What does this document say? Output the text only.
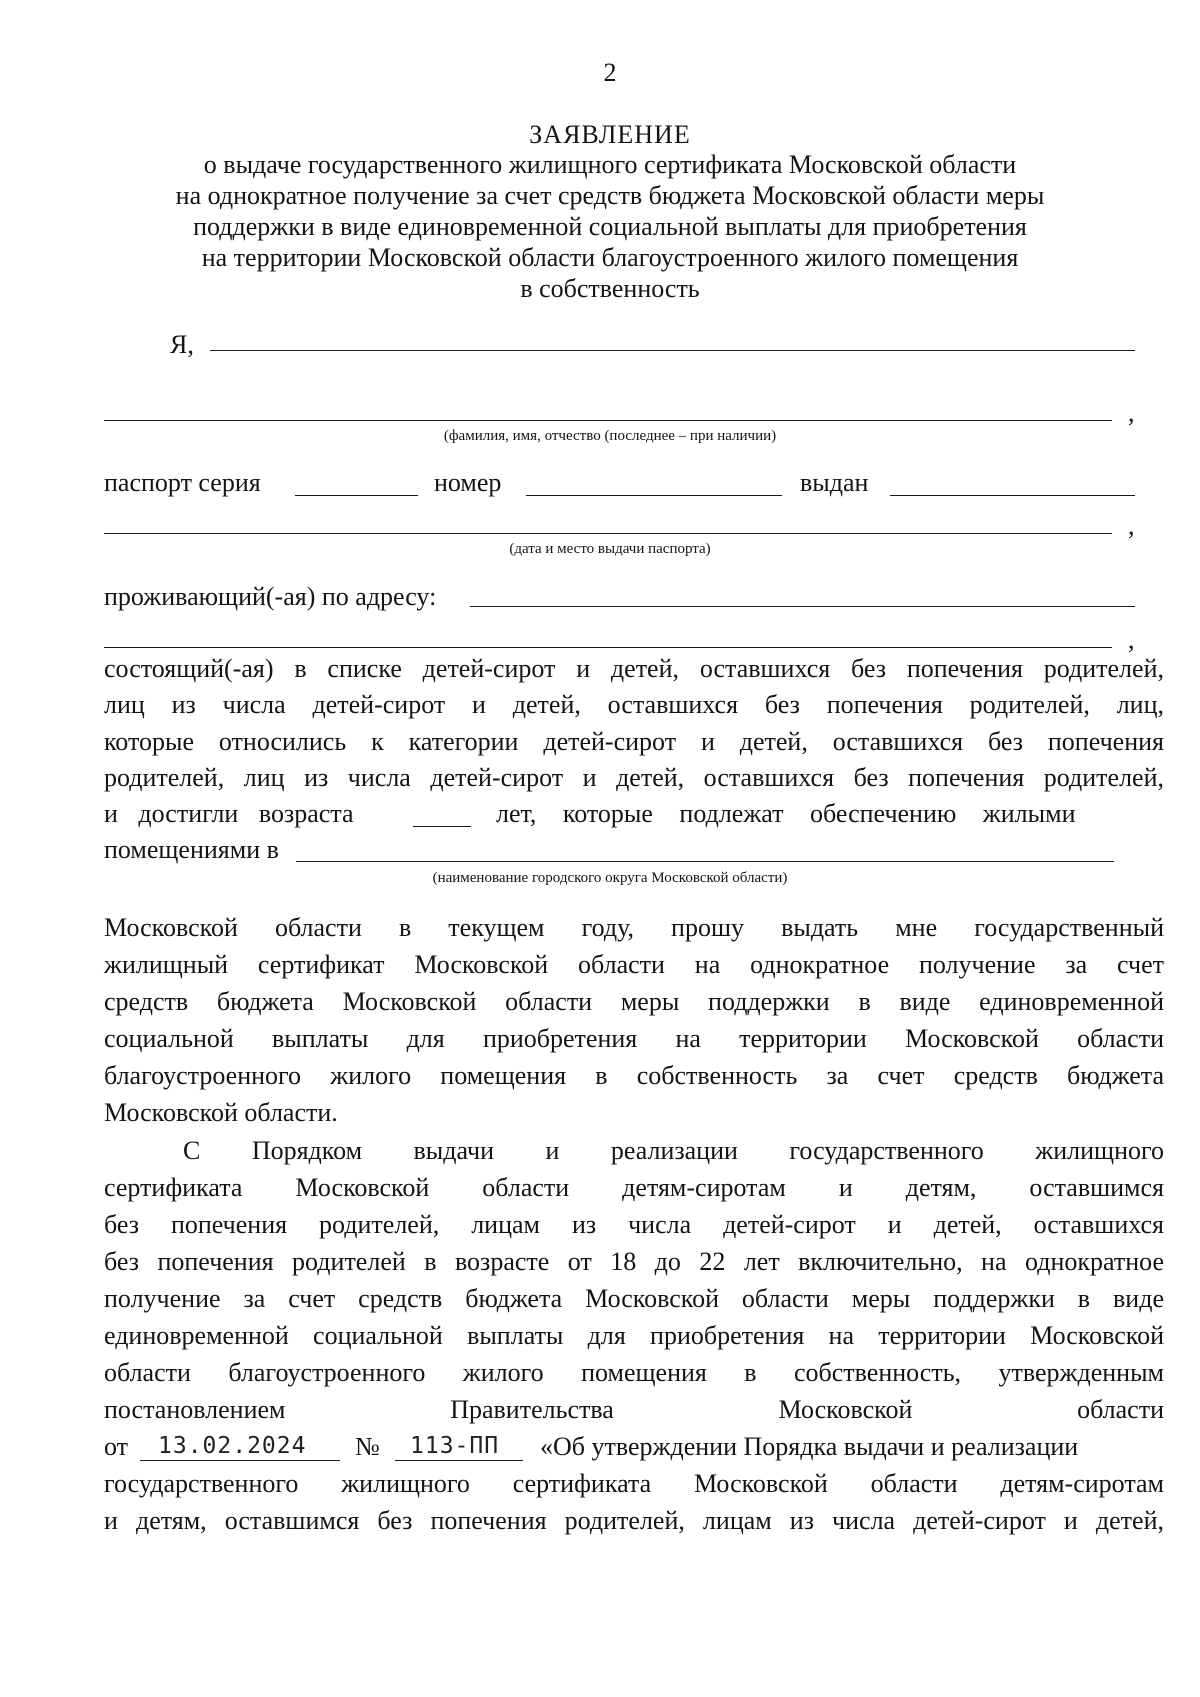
2
ЗАЯВЛЕНИЕ
о выдаче государственного жилищного сертификата Московской области
на однократное получение за счет средств бюджета Московской области меры
поддержки в виде единовременной социальной выплаты для приобретения
на территории Московской области благоустроенного жилого помещения
в собственность
Я,
,
(фамилия, имя, отчество (последнее – при наличии)
паспорт серия	номер	выдан
,
(дата и место выдачи паспорта)
проживающий(-ая) по адресу:
,
состоящий(-ая) в списке детей-сирот и детей, оставшихся без попечения родителей,
лиц из числа детей-сирот и детей, оставшихся без попечения родителей, лиц,
которые относились к категории детей-сирот и детей, оставшихся без попечения
родителей, лиц из числа детей-сирот и детей, оставшихся без попечения родителей,
и достигли возраста	лет, которые подлежат обеспечению жилыми
помещениями в
(наименование городского округа Московской области)
Московской области в текущем году, прошу выдать мне государственный
жилищный сертификат Московской области на однократное получение за счет
средств бюджета Московской области меры поддержки в виде единовременной
социальной выплаты для приобретения на территории Московской области
благоустроенного жилого помещения в собственность за счет средств бюджета
Московской области.
С Порядком выдачи и реализации государственного жилищного
сертификата Московской области детям-сиротам и детям, оставшимся
без попечения родителей, лицам из числа детей-сирот и детей, оставшихся
без попечения родителей в возрасте от 18 до 22 лет включительно, на однократное
получение за счет средств бюджета Московской области меры поддержки в виде
единовременной социальной выплаты для приобретения на территории Московской
области благоустроенного жилого помещения в собственность, утвержденным
постановлением Правительства Московской области
от 13.02.2024 № 113-ПП «Об утверждении Порядка выдачи и реализации
государственного жилищного сертификата Московской области детям-сиротам
и детям, оставшимся без попечения родителей, лицам из числа детей-сирот и детей,
